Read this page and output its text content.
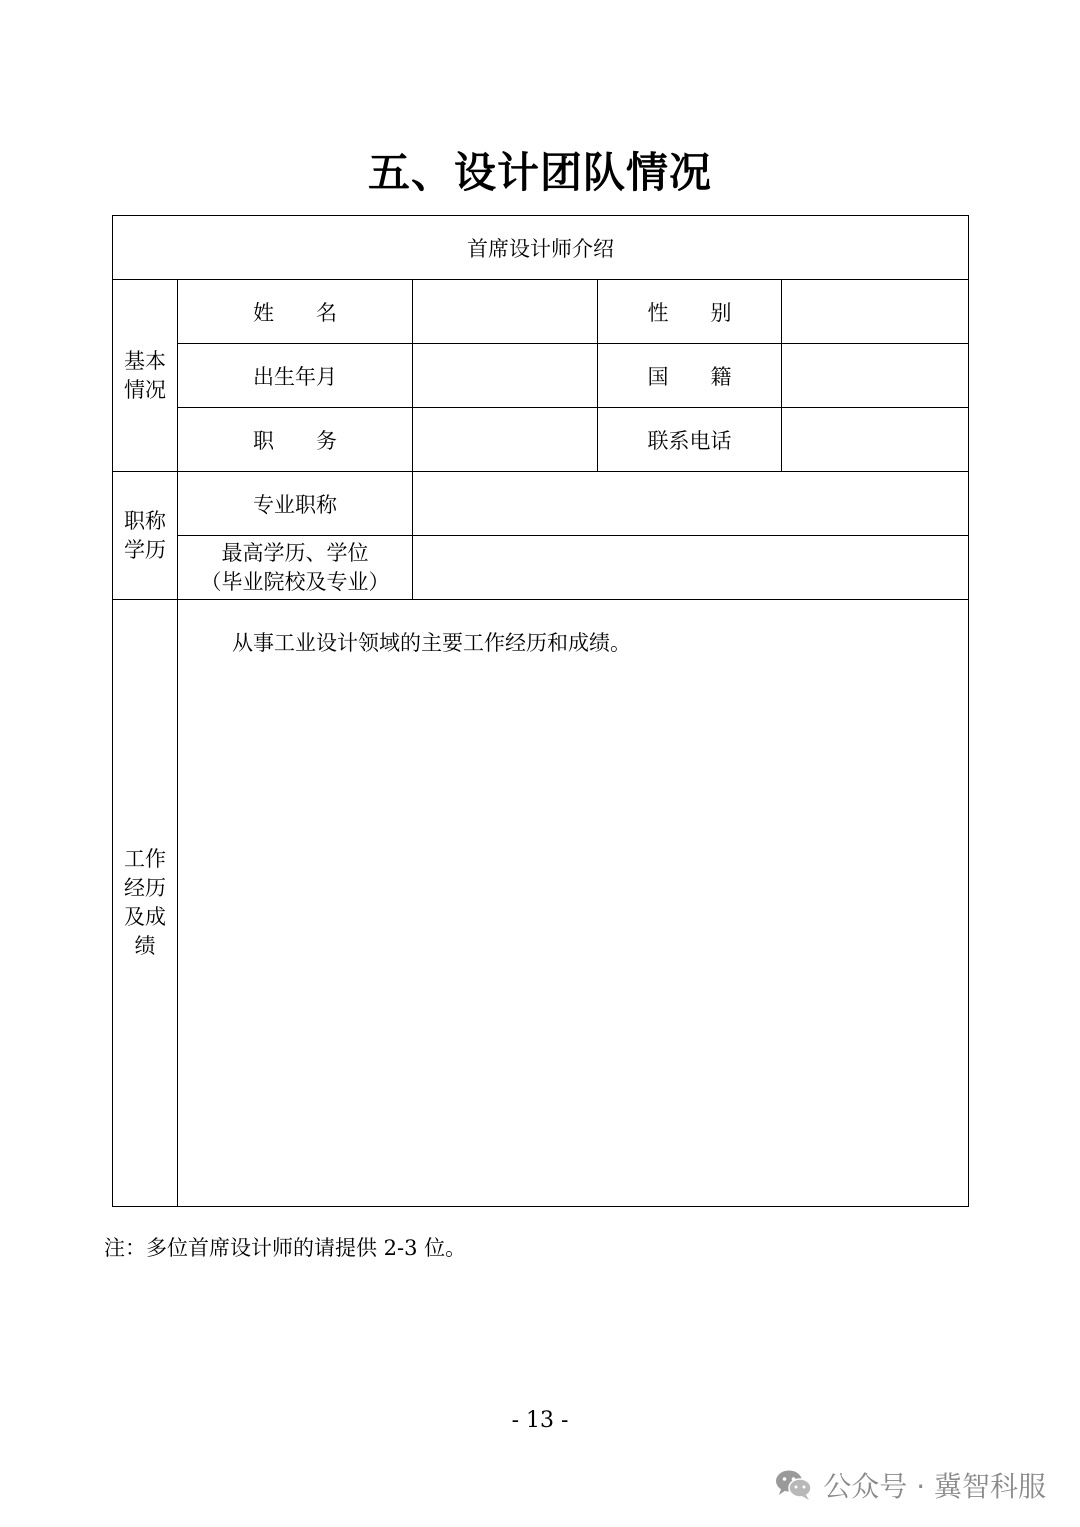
五、设计团队情况
首席设计师介绍				

基本
情况	姓　　名		性　　别	
	出生年月		国　　籍	
	职　　务		联系电话	

职称
学历	专业职称			

	最高学历、学位
（毕业院校及专业）			

工作
经历
及成
绩	从事工业设计领域的主要工作经历和成绩。			
注：多位首席设计师的请提供 2-3 位。
- 13 -
公众号 · 冀智科服
